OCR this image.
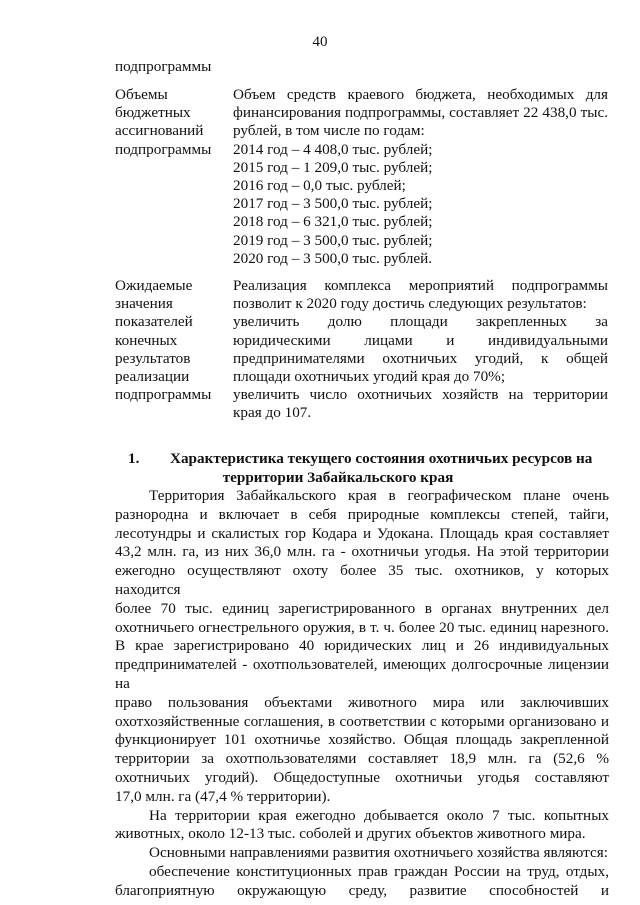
40
подпрограммы
Объемы
бюджетных
ассигнований
подпрограммы
Объем средств краевого бюджета, необходимых для
финансирования подпрограммы, составляет 22 438,0 тыс.
рублей, в том числе по годам:
2014 год – 4 408,0 тыс. рублей;
2015 год – 1 209,0 тыс. рублей;
2016 год – 0,0 тыс. рублей;
2017 год – 3 500,0 тыс. рублей;
2018 год – 6 321,0 тыс. рублей;
2019 год – 3 500,0 тыс. рублей;
2020 год – 3 500,0 тыс. рублей.
Ожидаемые
значения
показателей
конечных
результатов
реализации
подпрограммы
Реализация комплекса мероприятий подпрограммы
позволит к 2020 году достичь следующих результатов:
увеличить долю площади закрепленных за
юридическими лицами и индивидуальными
предпринимателями охотничьих угодий, к общей
площади охотничьих угодий края до 70%;
увеличить число охотничьих хозяйств на территории
края до 107.
1. Характеристика текущего состояния охотничьих ресурсов на
территории Забайкальского края
Территория Забайкальского края в географическом плане очень
разнородна и включает в себя природные комплексы степей, тайги,
лесотундры и скалистых гор Кодара и Удокана. Площадь края составляет
43,2 млн. га, из них 36,0 млн. га - охотничьи угодья. На этой территории
ежегодно осуществляют охоту более 35 тыс. охотников, у которых находится
более 70 тыс. единиц зарегистрированного в органах внутренних дел
охотничьего огнестрельного оружия, в т. ч. более 20 тыс. единиц нарезного.
В крае зарегистрировано 40 юридических лиц и 26 индивидуальных
предпринимателей - охотпользователей, имеющих долгосрочные лицензии на
право пользования объектами животного мира или заключивших
охотхозяйственные соглашения, в соответствии с которыми организовано и
функционирует 101 охотничье хозяйство. Общая площадь закрепленной
территории за охотпользователями составляет 18,9 млн. га (52,6 %
охотничьих угодий). Общедоступные охотничьи угодья составляют
17,0 млн. га (47,4 % территории).
На территории края ежегодно добывается около 7 тыс. копытных
животных, около 12-13 тыс. соболей и других объектов животного мира.
Основными направлениями развития охотничьего хозяйства являются:
обеспечение конституционных прав граждан России на труд, отдых,
благоприятную окружающую среду, развитие способностей и
